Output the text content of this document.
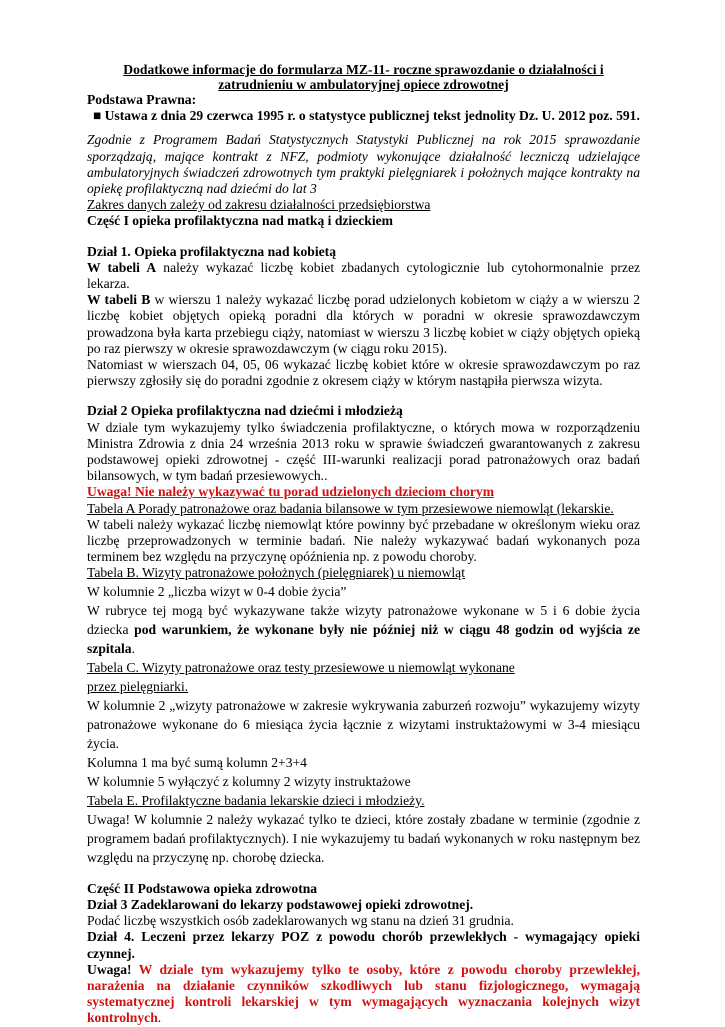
Dodatkowe informacje do formularza MZ-11- roczne sprawozdanie o działalności i zatrudnieniu w ambulatoryjnej opiece zdrowotnej

Podstawa Prawna:

■ Ustawa z dnia 29 czerwca 1995 r. o statystyce publicznej tekst jednolity Dz. U. 2012 poz. 591.

Zgodnie z Programem Badań Statystycznych Statystyki Publicznej na rok 2015 sprawozdanie sporządzają, mające kontrakt z NFZ, podmioty wykonujące działalność leczniczą udzielające ambulatoryjnych świadczeń zdrowotnych tym praktyki pielęgniarek i położnych mające kontrakty na opiekę profilaktyczną nad dziećmi do lat 3

Zakres danych zależy od zakresu działalności przedsiębiorstwa

Część I opieka profilaktyczna nad matką i dzieckiem

Dział 1. Opieka profilaktyczna nad kobietą

W tabeli A należy wykazać liczbę kobiet zbadanych cytologicznie lub cytohormonalnie przez lekarza.

W tabeli B w wierszu 1 należy wykazać liczbę porad udzielonych kobietom w ciąży a w wierszu 2 liczbę kobiet objętych opieką poradni dla których w poradni w okresie sprawozdawczym prowadzona była karta przebiegu ciąży, natomiast w wierszu 3 liczbę kobiet w ciąży objętych opieką po raz pierwszy w okresie sprawozdawczym (w ciągu roku 2015).

Natomiast w wierszach 04, 05, 06 wykazać liczbę kobiet które w okresie sprawozdawczym po raz pierwszy zgłosiły się do poradni zgodnie z okresem ciąży w którym nastąpiła pierwsza wizyta.

Dział 2 Opieka profilaktyczna nad dziećmi i młodzieżą

W dziale tym wykazujemy tylko świadczenia profilaktyczne, o których mowa w rozporządzeniu Ministra Zdrowia z dnia 24 września 2013 roku w sprawie świadczeń gwarantowanych z zakresu podstawowej opieki zdrowotnej - część III-warunki realizacji porad patronażowych oraz badań bilansowych, w tym badań przesiewowych..

Uwaga! Nie należy wykazywać tu porad udzielonych dzieciom chorym

Tabela A Porady patronażowe oraz badania bilansowe w tym przesiewowe niemowląt (lekarskie.

W tabeli należy wykazać liczbę niemowląt które powinny być przebadane w określonym wieku oraz liczbę przeprowadzonych w terminie badań. Nie należy wykazywać badań wykonanych poza terminem bez względu na przyczynę opóźnienia np. z powodu choroby.

Tabela B. Wizyty patronażowe położnych (pielęgniarek) u niemowląt

W kolumnie 2 „liczba wizyt w 0-4 dobie życia”

W rubryce tej mogą być wykazywane także wizyty patronażowe wykonane w 5 i 6 dobie życia dziecka pod warunkiem, że wykonane były nie później niż w ciągu 48 godzin od wyjścia ze szpitala.

Tabela C. Wizyty patronażowe oraz testy przesiewowe u niemowląt wykonane przez pielęgniarki.

W kolumnie 2 „wizyty patronażowe w zakresie wykrywania zaburzeń rozwoju” wykazujemy wizyty patronażowe wykonane do 6 miesiąca życia łącznie z wizytami instruktażowymi w 3-4 miesiącu życia.

Kolumna 1 ma być sumą kolumn 2+3+4

W kolumnie 5 wyłączyć z kolumny 2 wizyty instruktażowe

Tabela E. Profilaktyczne badania lekarskie dzieci i młodzieży.

Uwaga! W kolumnie 2 należy wykazać tylko te dzieci, które zostały zbadane w terminie (zgodnie z programem badań profilaktycznych). I nie wykazujemy tu badań wykonanych w roku następnym bez względu na przyczynę np. chorobę dziecka.

Część II Podstawowa opieka zdrowotna

Dział 3 Zadeklarowani do lekarzy podstawowej opieki zdrowotnej.

Podać liczbę wszystkich osób zadeklarowanych wg stanu na dzień 31 grudnia.

Dział 4. Leczeni przez lekarzy POZ z powodu chorób przewlekłych - wymagający opieki czynnej.

Uwaga! W dziale tym wykazujemy tylko te osoby, które z powodu choroby przewlekłej, narażenia na działanie czynników szkodliwych lub stanu fizjologicznego, wymagają systematycznej kontroli lekarskiej w tym wymagających wyznaczania kolejnych wizyt kontrolnych.
